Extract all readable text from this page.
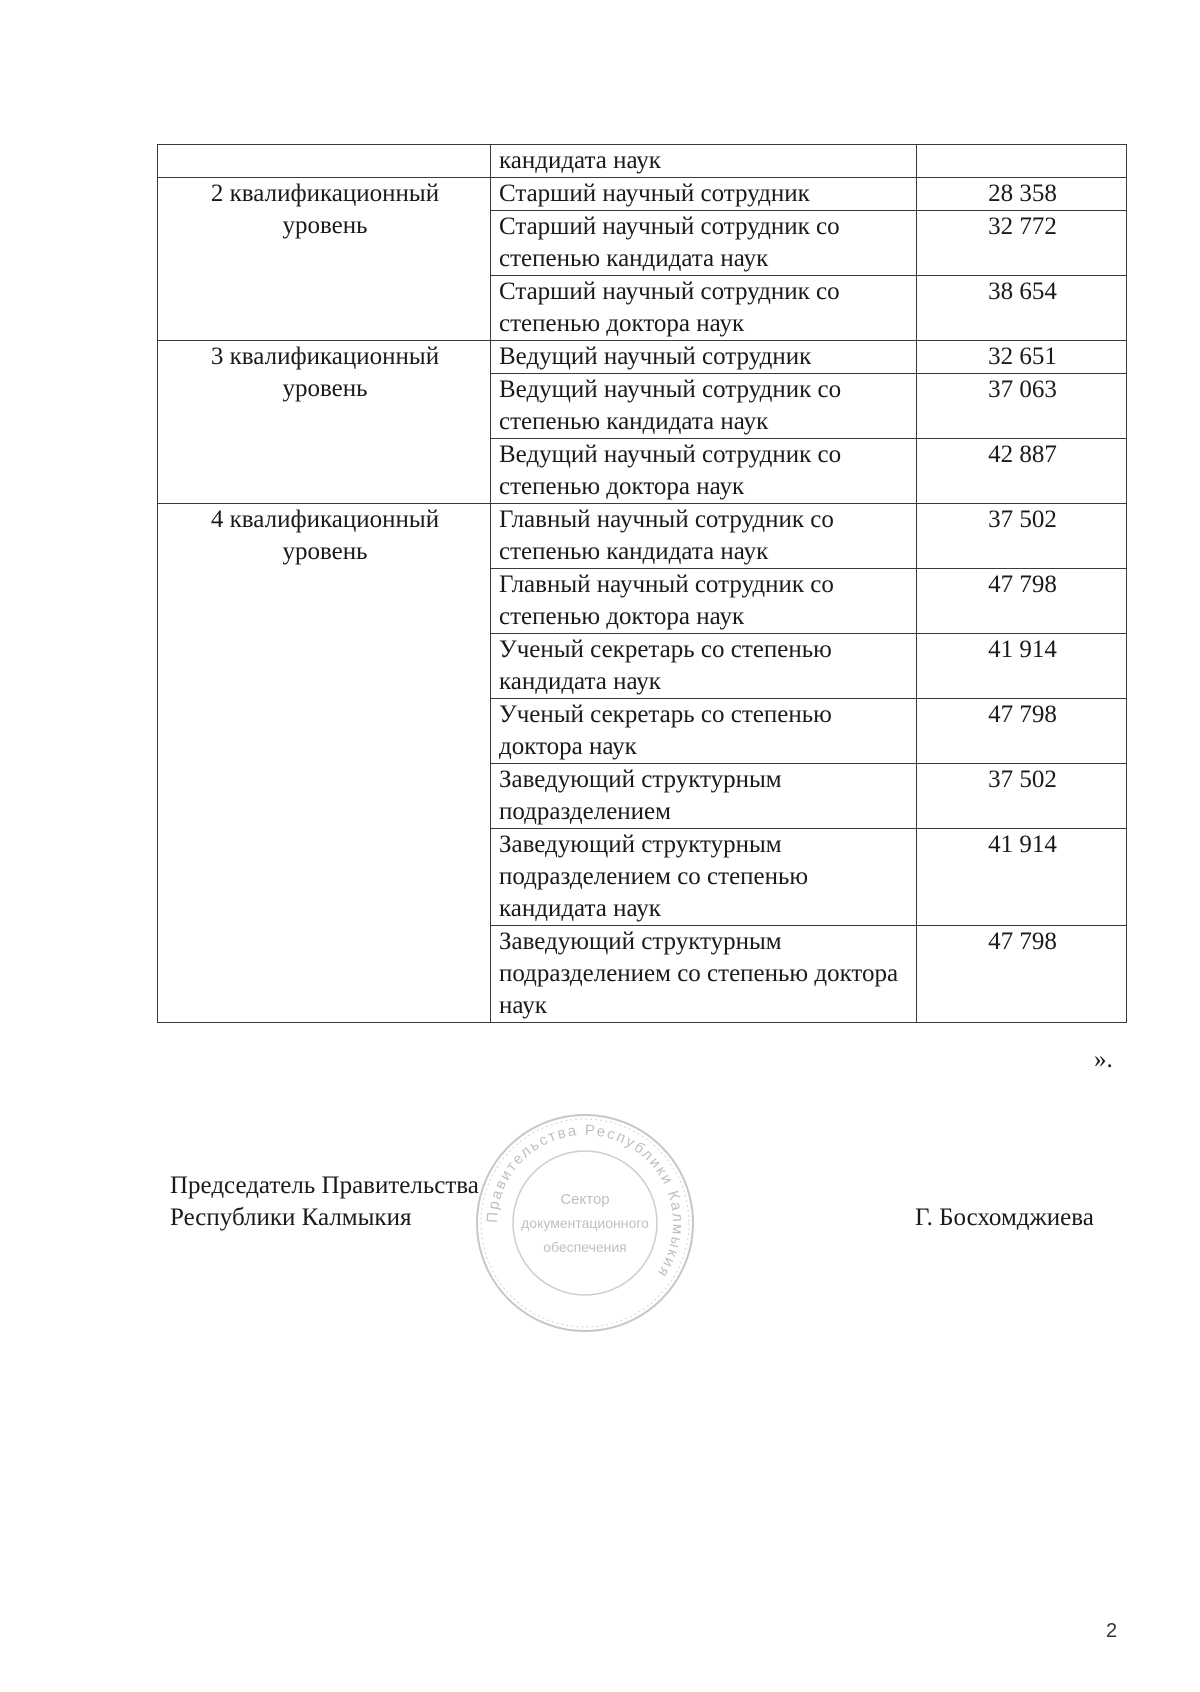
	кандидата наук	
2 квалификационный уровень	Старший научный сотрудник	28 358
	Старший научный сотрудник со степенью кандидата наук	32 772
	Старший научный сотрудник со степенью доктора наук	38 654
3 квалификационный уровень	Ведущий научный сотрудник	32 651
	Ведущий научный сотрудник со степенью кандидата наук	37 063
	Ведущий научный сотрудник со степенью доктора наук	42 887
4 квалификационный уровень	Главный научный сотрудник со степенью кандидата наук	37 502
	Главный научный сотрудник со степенью доктора наук	47 798
	Ученый секретарь со степенью кандидата наук	41 914
	Ученый секретарь со степенью доктора наук	47 798
	Заведующий структурным подразделением	37 502
	Заведующий структурным подразделением со степенью кандидата наук	41 914
	Заведующий структурным подразделением со степенью доктора наук	47 798
».
Председатель Правительства
Республики Калмыкия	Правительства Республики Калмыкия
Сектор
документационного
обеспечения
Г. Босхомджиева
2
